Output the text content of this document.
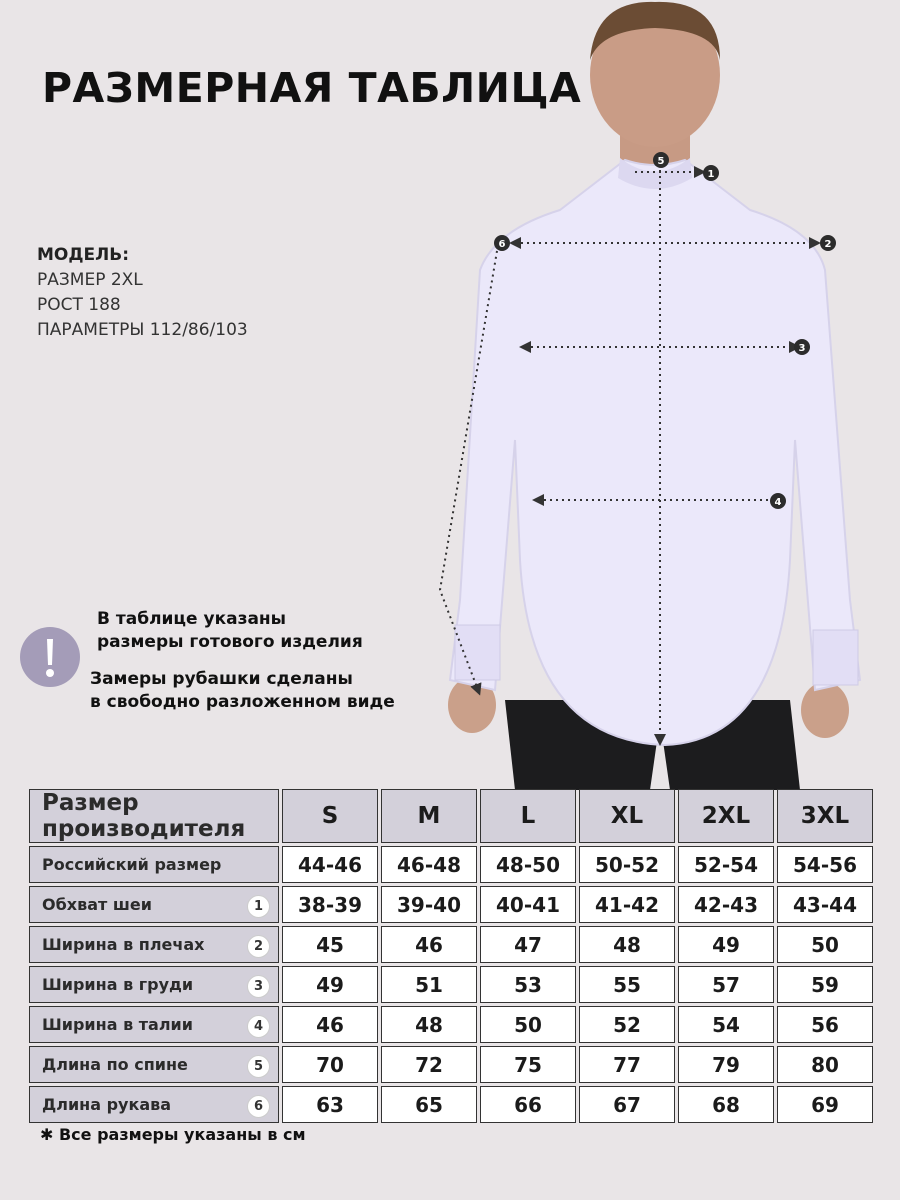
РАЗМЕРНАЯ ТАБЛИЦА
МОДЕЛЬ:
РАЗМЕР 2XL
РОСТ 188
ПАРАМЕТРЫ 112/86/103
1
2
3
4
5
6
В таблице указаны
размеры готового изделия
Замеры рубашки сделаны
в свободно разложенном виде
Размер производителя	S	M	L	XL	2XL	3XL
Российский размер	44-46	46-48	48-50	50-52	52-54	54-56
Обхват шеи 1	38-39	39-40	40-41	41-42	42-43	43-44
Ширина в плечах 2	45	46	47	48	49	50
Ширина в груди 3	49	51	53	55	57	59
Ширина в талии 4	46	48	50	52	54	56
Длина по спине 5	70	72	75	77	79	80
Длина рукава 6	63	65	66	67	68	69
✱ Все размеры указаны в см
